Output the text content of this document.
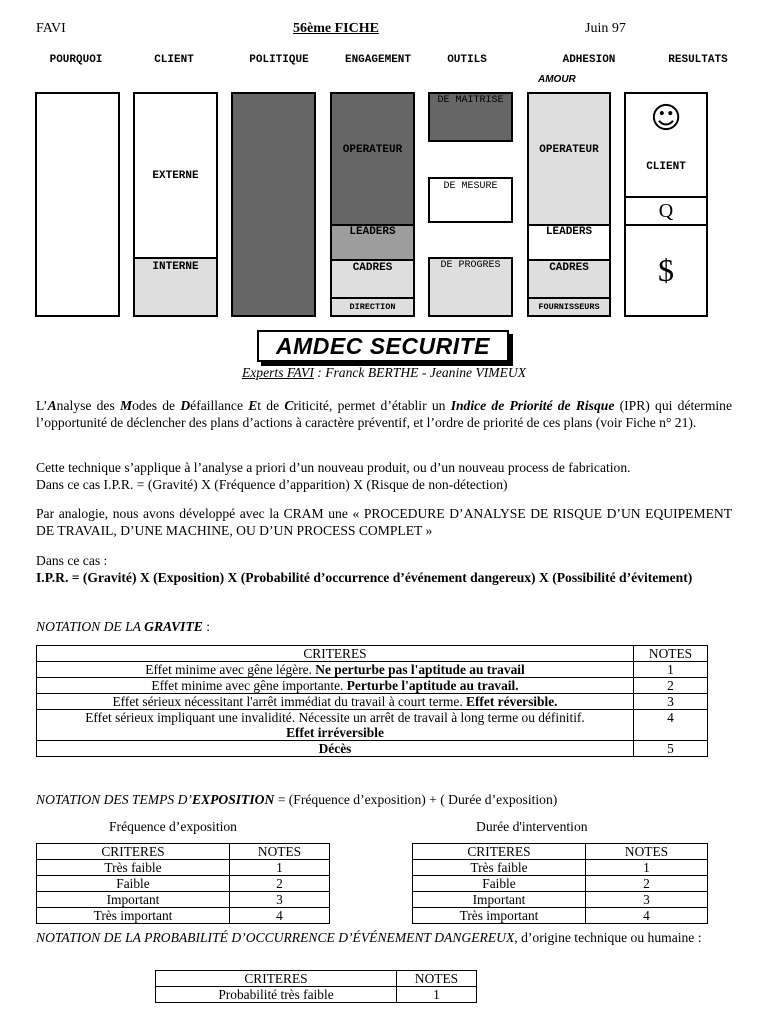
FAVI	56ème FICHE	Juin 97
POURQUOI	CLIENT	POLITIQUE	ENGAGEMENT	OUTILS	ADHESION	RESULTATS
AMOUR
EXTERNE
INTERNE
OPERATEUR
LEADERS
CADRES
DIRECTION
DE MAITRISE
DE MESURE
DE PROGRES
OPERATEUR
LEADERS
CADRES
FOURNISSEURS
☺
CLIENT
Q
$
AMDEC SECURITE
Experts FAVI : Franck BERTHE - Jeanine VIMEUX
L’Analyse des Modes de Défaillance Et de Criticité, permet d’établir un Indice de Priorité de Risque (IPR) qui détermine l’opportunité de déclencher des plans d’actions à caractère préventif, et l’ordre de priorité de ces plans (voir Fiche n° 21).
Cette technique s’applique à l’analyse a priori d’un nouveau produit, ou d’un nouveau process de fabrication.
Dans ce cas I.P.R. = (Gravité) X (Fréquence d’apparition) X (Risque de non-détection)
Par analogie, nous avons développé avec la CRAM une « PROCEDURE D’ANALYSE DE RISQUE D’UN EQUIPEMENT DE TRAVAIL, D’UNE MACHINE, OU D’UN PROCESS COMPLET »
Dans ce cas :
I.P.R. = (Gravité) X (Exposition) X (Probabilité d’occurrence d’événement dangereux) X (Possibilité d’évitement)
NOTATION DE LA GRAVITE :
CRITERES	NOTES
Effet minime avec gêne légère. Ne perturbe pas l'aptitude au travail	1
Effet minime avec gêne importante. Perturbe l'aptitude au travail.	2
Effet sérieux nécessitant l'arrêt immédiat du travail à court terme. Effet réversible.	3
Effet sérieux impliquant une invalidité. Nécessite un arrêt de travail à long terme ou définitif.
Effet irréversible	4
Décès	5
NOTATION DES TEMPS D’EXPOSITION = (Fréquence d’exposition) + ( Durée d’exposition)
Fréquence d’exposition	Durée d'intervention
CRITERES	NOTES
Très faible	1
Faible	2
Important	3
Très important	4
CRITERES	NOTES
Très faible	1
Faible	2
Important	3
Très important	4
NOTATION DE LA PROBABILITÉ D’OCCURRENCE D’ÉVÉNEMENT DANGEREUX, d’origine technique ou humaine :
CRITERES	NOTES
Probabilité très faible	1
